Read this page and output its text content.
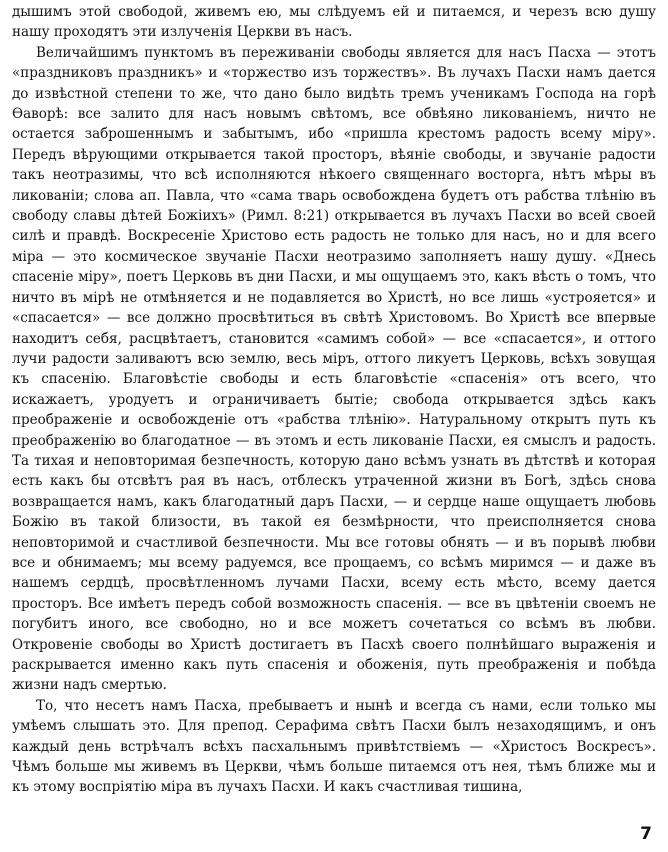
дышимъ этой свободой, живемъ ею, мы слѣдуемъ ей и питаемся, и черезъ всю душу нашу проходятъ эти излученія Церкви въ насъ.

Величайшимъ пунктомъ въ переживаніи свободы является для насъ Пасха — этотъ «праздниковъ праздникъ» и «торжество изъ торжествъ». Въ лучахъ Пасхи намъ дается до извѣстной степени то же, что дано было видѣть тремъ ученикамъ Господа на горѣ Ѳаворѣ: все залито для насъ новымъ свѣтомъ, все обвѣяно ликованіемъ, ничто не остается заброшеннымъ и забытымъ, ибо «пришла крестомъ радость всему міру». Передъ вѣрующими открывается такой просторъ, вѣяніе свободы, и звучаніе радости такъ неотразимы, что всѣ исполняются нѣкоего священнаго восторга, нѣтъ мѣры въ ликованіи; слова ап. Павла, что «сама тварь освобождена будетъ отъ рабства тлѣнію въ свободу славы дѣтей Божіихъ» (Римл. 8:21) открывается въ лучахъ Пасхи во всей своей силѣ и правдѣ. Воскресеніе Христово есть радость не только для насъ, но и для всего міра — это космическое звучаніе Пасхи неотразимо заполняетъ нашу душу. «Днесь спасеніе міру», поетъ Церковь въ дни Пасхи, и мы ощущаемъ это, какъ вѣсть о томъ, что ничто въ мірѣ не отмѣняется и не подавляется во Христѣ, но все лишь «устрояется» и «спасается» — все должно просвѣтиться въ свѣтѣ Христовомъ. Во Христѣ все впервые находитъ себя, расцвѣтаетъ, становится «самимъ собой» — все «спасается», и оттого лучи радости заливаютъ всю землю, весь міръ, оттого ликуетъ Церковь, всѣхъ зовущая къ спасенію. Благовѣстіе свободы и есть благовѣстіе «спасенія» отъ всего, что искажаетъ, уродуетъ и ограничиваетъ бытіе; свобода открывается здѣсь какъ преображеніе и освобожденіе отъ «рабства тлѣнію». Натуральному открытъ путь къ преображенію во благодатное — въ этомъ и есть ликованіе Пасхи, ея смыслъ и радость. Та тихая и неповторимая безпечность, которую дано всѣмъ узнать въ дѣтствѣ и которая есть какъ бы отсвѣтъ рая въ насъ, отблескъ утраченной жизни въ Богѣ, здѣсь снова возвращается намъ, какъ благодатный даръ Пасхи, — и сердце наше ощущаетъ любовь Божію въ такой близости, въ такой ея безмѣрности, что преисполняется снова неповторимой и счастливой безпечности. Мы все готовы обнять — и въ порывѣ любви все и обнимаемъ; мы всему радуемся, все прощаемъ, со всѣмъ миримся — и даже въ нашемъ сердцѣ, просвѣтленномъ лучами Пасхи, всему есть мѣсто, всему дается просторъ. Все имѣетъ передъ собой возможность спасенія. — все въ цвѣтеніи своемъ не погубитъ иного, все свободно, но и все можетъ сочетаться со всѣмъ въ любви. Откровеніе свободы во Христѣ достигаетъ въ Пасхѣ своего полнѣйшаго выраженія и раскрывается именно какъ путь спасенія и обоженія, путь преображенія и побѣда жизни надъ смертью.

То, что несетъ намъ Пасха, пребываетъ и нынѣ и всегда съ нами, если только мы умѣемъ слышать это. Для препод. Серафима свѣтъ Пасхи былъ незаходящимъ, и онъ каждый день встрѣчалъ всѣхъ пасхальнымъ привѣтствіемъ — «Христосъ Воскресъ». Чѣмъ больше мы живемъ въ Церкви, чѣмъ больше питаемся отъ нея, тѣмъ ближе мы и къ этому воспріятію міра въ лучахъ Пасхи. И какъ счастливая тишина,

7
